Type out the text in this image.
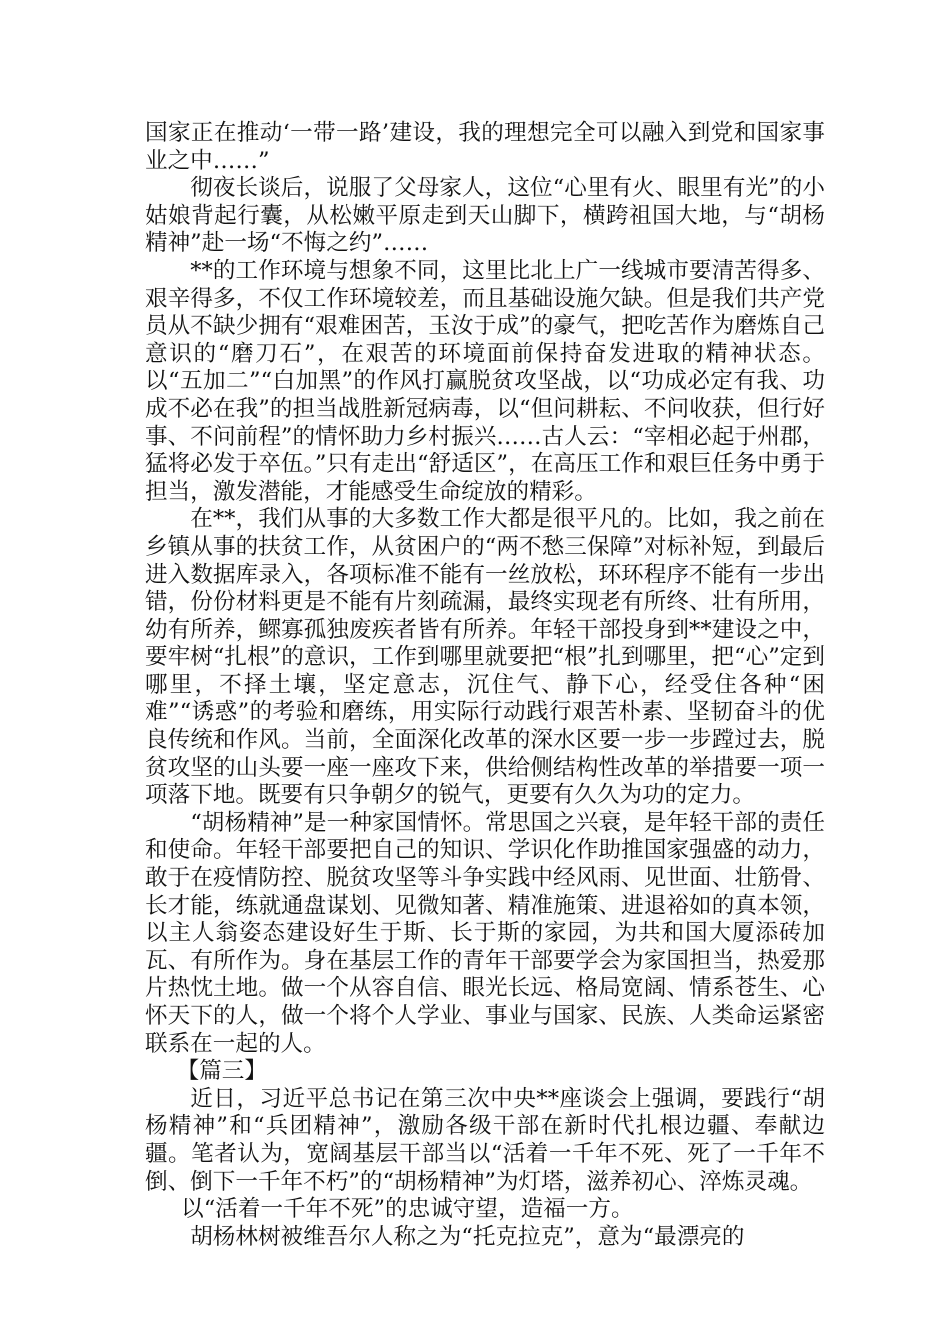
国家正在推动‘一带一路’建设，我的理想完全可以融入到党和国家事业之中……”

彻夜长谈后，说服了父母家人，这位“心里有火、眼里有光”的小姑娘背起行囊，从松嫩平原走到天山脚下，横跨祖国大地，与“胡杨精神”赴一场“不悔之约”……

**的工作环境与想象不同，这里比北上广一线城市要清苦得多、艰辛得多，不仅工作环境较差，而且基础设施欠缺。但是我们共产党员从不缺少拥有“艰难困苦，玉汝于成”的豪气，把吃苦作为磨炼自己意识的“磨刀石”，在艰苦的环境面前保持奋发进取的精神状态。以“五加二”“白加黑”的作风打赢脱贫攻坚战，以“功成必定有我、功成不必在我”的担当战胜新冠病毒，以“但问耕耘、不问收获，但行好事、不问前程”的情怀助力乡村振兴……古人云：“宰相必起于州郡，猛将必发于卒伍。”只有走出“舒适区”，在高压工作和艰巨任务中勇于担当，激发潜能，才能感受生命绽放的精彩。

在**，我们从事的大多数工作大都是很平凡的。比如，我之前在乡镇从事的扶贫工作，从贫困户的“两不愁三保障”对标补短，到最后进入数据库录入，各项标准不能有一丝放松，环环程序不能有一步出错，份份材料更是不能有片刻疏漏，最终实现老有所终、壮有所用，幼有所养，鳏寡孤独废疾者皆有所养。年轻干部投身到**建设之中，要牢树“扎根”的意识，工作到哪里就要把“根”扎到哪里，把“心”定到哪里，不择土壤，坚定意志，沉住气、静下心，经受住各种“困难”“诱惑”的考验和磨练，用实际行动践行艰苦朴素、坚韧奋斗的优良传统和作风。当前，全面深化改革的深水区要一步一步蹚过去，脱贫攻坚的山头要一座一座攻下来，供给侧结构性改革的举措要一项一项落下地。既要有只争朝夕的锐气，更要有久久为功的定力。

“胡杨精神”是一种家国情怀。常思国之兴衰，是年轻干部的责任和使命。年轻干部要把自己的知识、学识化作助推国家强盛的动力，敢于在疫情防控、脱贫攻坚等斗争实践中经风雨、见世面、壮筋骨、长才能，练就通盘谋划、见微知著、精准施策、进退裕如的真本领，以主人翁姿态建设好生于斯、长于斯的家园，为共和国大厦添砖加瓦、有所作为。身在基层工作的青年干部要学会为家国担当，热爱那片热忱土地。做一个从容自信、眼光长远、格局宽阔、情系苍生、心怀天下的人，做一个将个人学业、事业与国家、民族、人类命运紧密联系在一起的人。

【篇三】

近日，习近平总书记在第三次中央**座谈会上强调，要践行“胡杨精神”和“兵团精神”，激励各级干部在新时代扎根边疆、奉献边疆。笔者认为，宽阔基层干部当以“活着一千年不死、死了一千年不倒、倒下一千年不朽”的“胡杨精神”为灯塔，滋养初心、淬炼灵魂。

以“活着一千年不死”的忠诚守望，造福一方。

胡杨林树被维吾尔人称之为“托克拉克”，意为“最漂亮的
